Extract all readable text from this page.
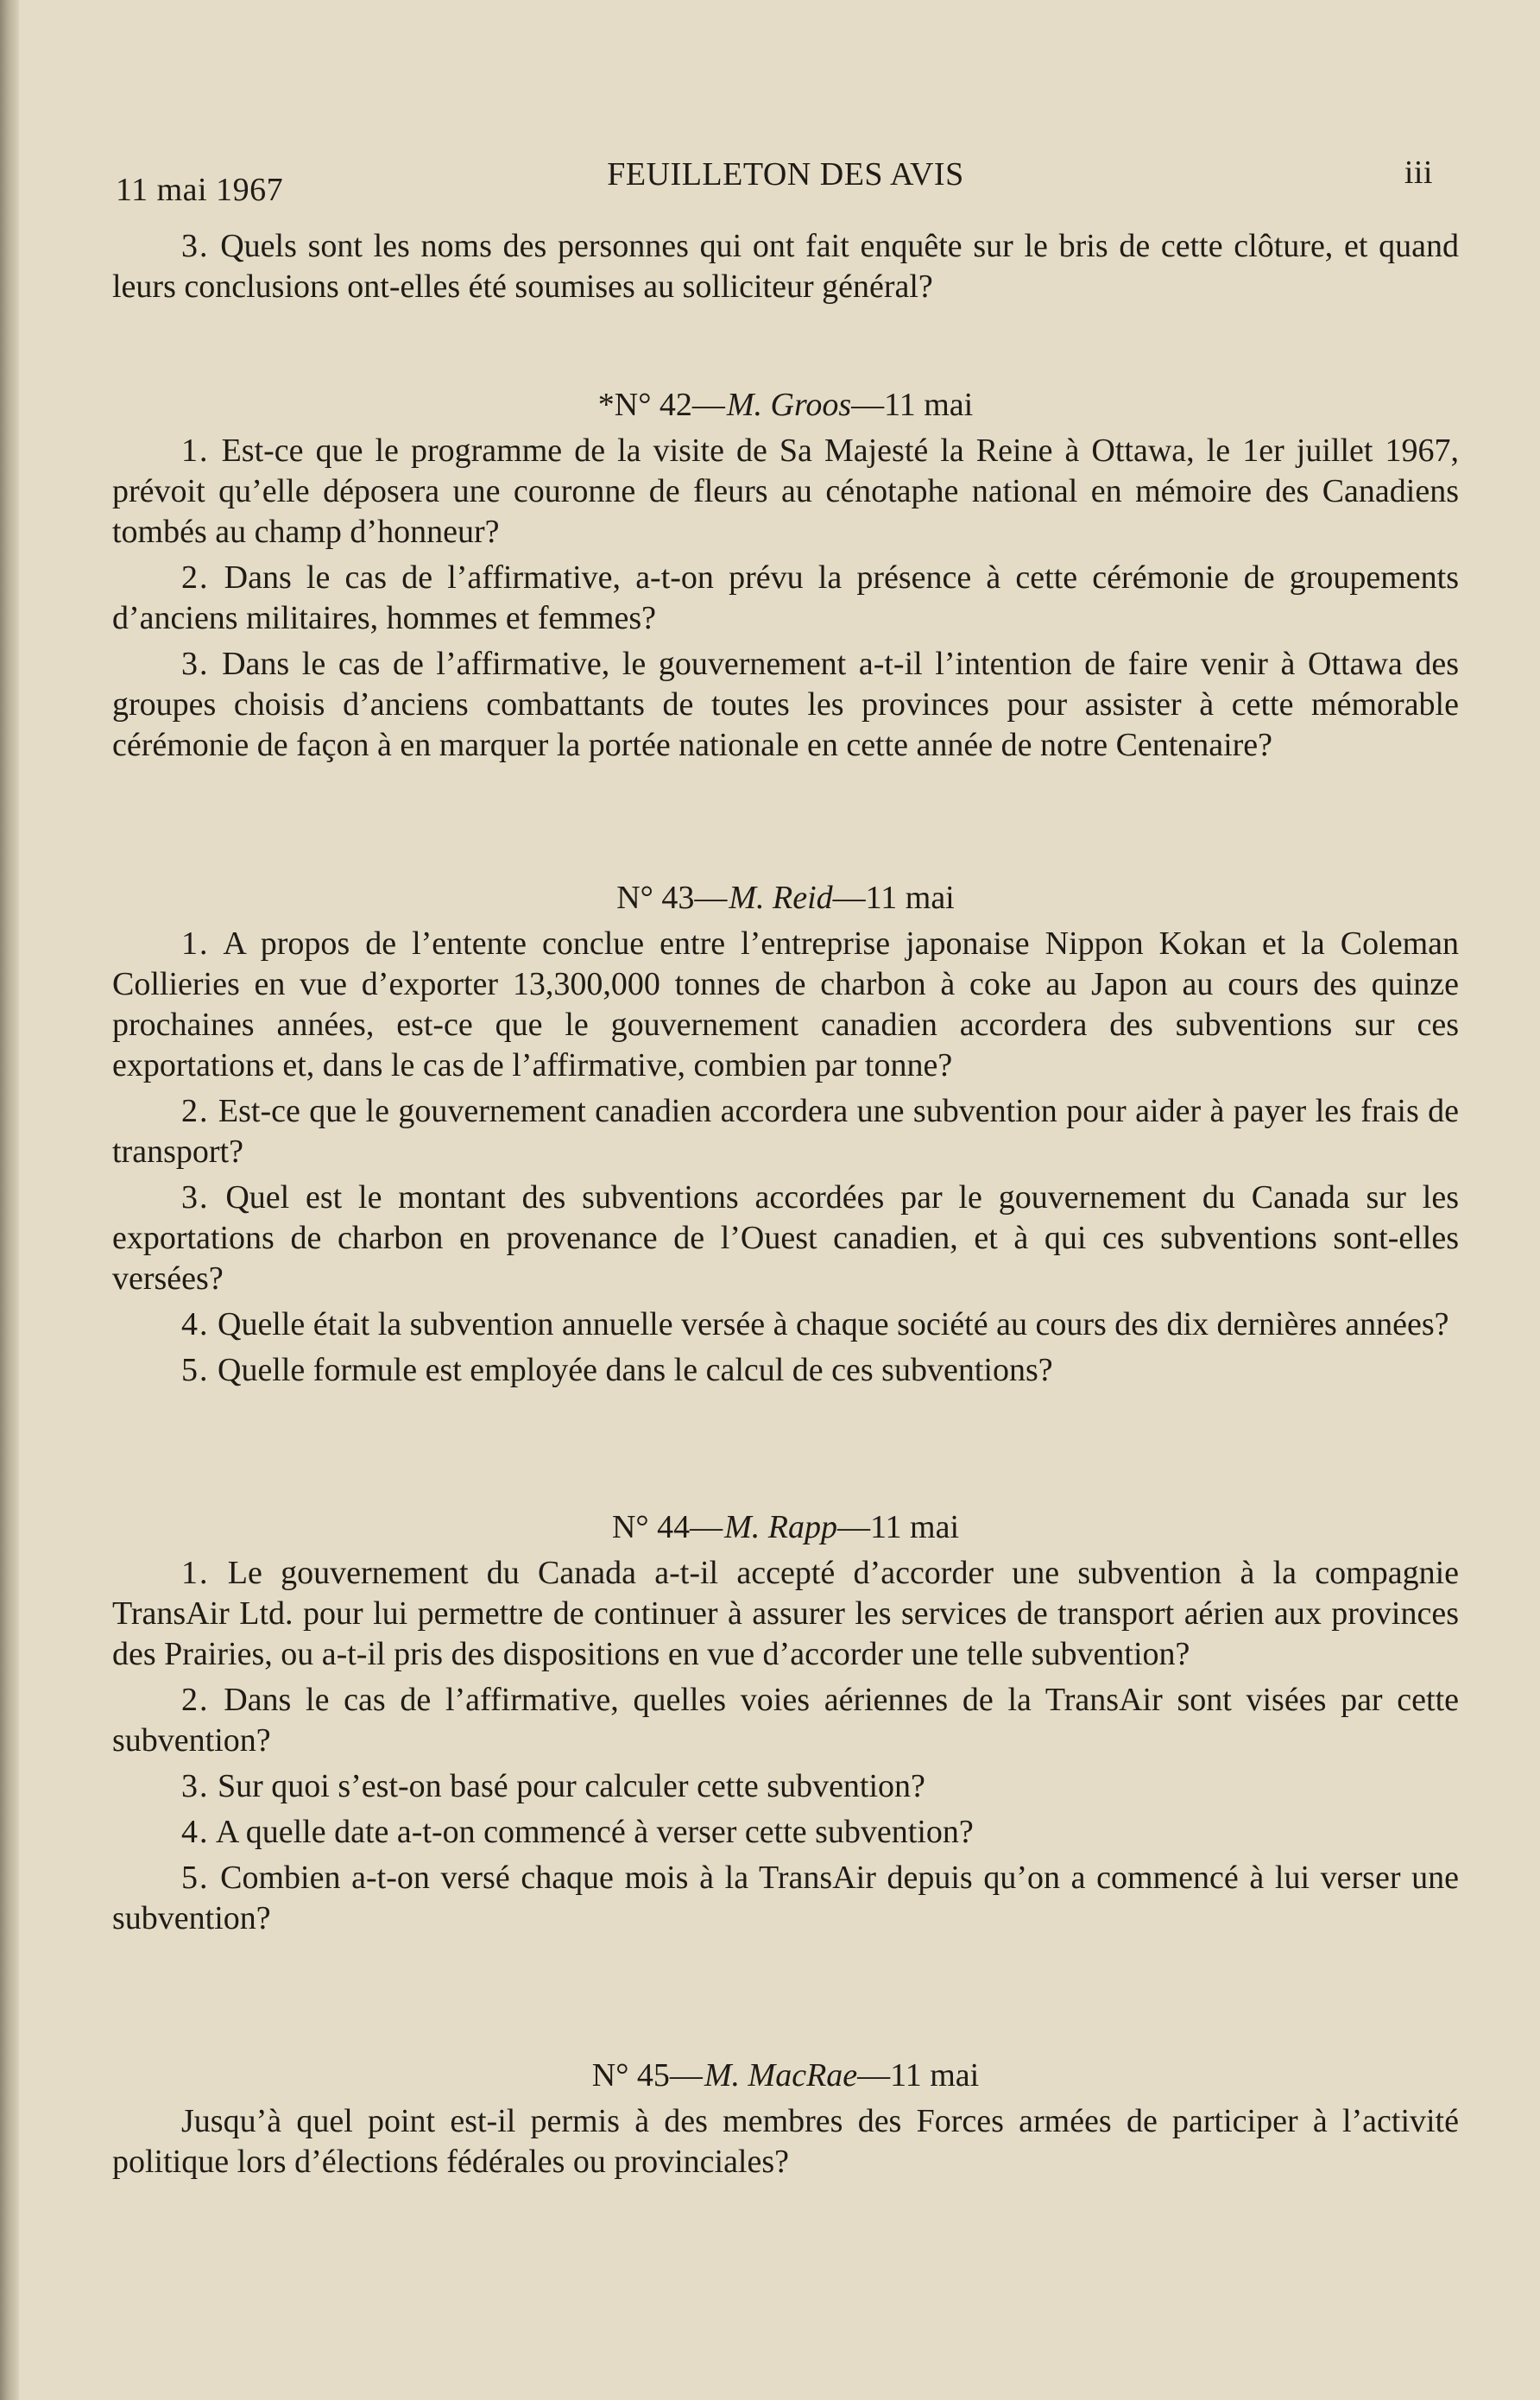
11 mai 1967	FEUILLETON DES AVIS	iii

3. Quels sont les noms des personnes qui ont fait enquête sur le bris de cette clôture, et quand leurs conclusions ont-elles été soumises au solliciteur général?

*N° 42—M. Groos—11 mai

1. Est-ce que le programme de la visite de Sa Majesté la Reine à Ottawa, le 1er juillet 1967, prévoit qu’elle déposera une couronne de fleurs au cénotaphe national en mémoire des Canadiens tombés au champ d’honneur?

2. Dans le cas de l’affirmative, a-t-on prévu la présence à cette cérémonie de groupements d’anciens militaires, hommes et femmes?

3. Dans le cas de l’affirmative, le gouvernement a-t-il l’intention de faire venir à Ottawa des groupes choisis d’anciens combattants de toutes les provinces pour assister à cette mémorable cérémonie de façon à en marquer la portée nationale en cette année de notre Centenaire?

N° 43—M. Reid—11 mai

1. A propos de l’entente conclue entre l’entreprise japonaise Nippon Kokan et la Coleman Collieries en vue d’exporter 13,300,000 tonnes de charbon à coke au Japon au cours des quinze prochaines années, est-ce que le gouvernement canadien accordera des subventions sur ces exportations et, dans le cas de l’affirmative, combien par tonne?

2. Est-ce que le gouvernement canadien accordera une subvention pour aider à payer les frais de transport?

3. Quel est le montant des subventions accordées par le gouvernement du Canada sur les exportations de charbon en provenance de l’Ouest canadien, et à qui ces subventions sont-elles versées?

4. Quelle était la subvention annuelle versée à chaque société au cours des dix dernières années?

5. Quelle formule est employée dans le calcul de ces subventions?

N° 44—M. Rapp—11 mai

1. Le gouvernement du Canada a-t-il accepté d’accorder une subvention à la compagnie TransAir Ltd. pour lui permettre de continuer à assurer les services de transport aérien aux provinces des Prairies, ou a-t-il pris des dispositions en vue d’accorder une telle subvention?

2. Dans le cas de l’affirmative, quelles voies aériennes de la TransAir sont visées par cette subvention?

3. Sur quoi s’est-on basé pour calculer cette subvention?

4. A quelle date a-t-on commencé à verser cette subvention?

5. Combien a-t-on versé chaque mois à la TransAir depuis qu’on a commencé à lui verser une subvention?

N° 45—M. MacRae—11 mai

Jusqu’à quel point est-il permis à des membres des Forces armées de participer à l’activité politique lors d’élections fédérales ou provinciales?
